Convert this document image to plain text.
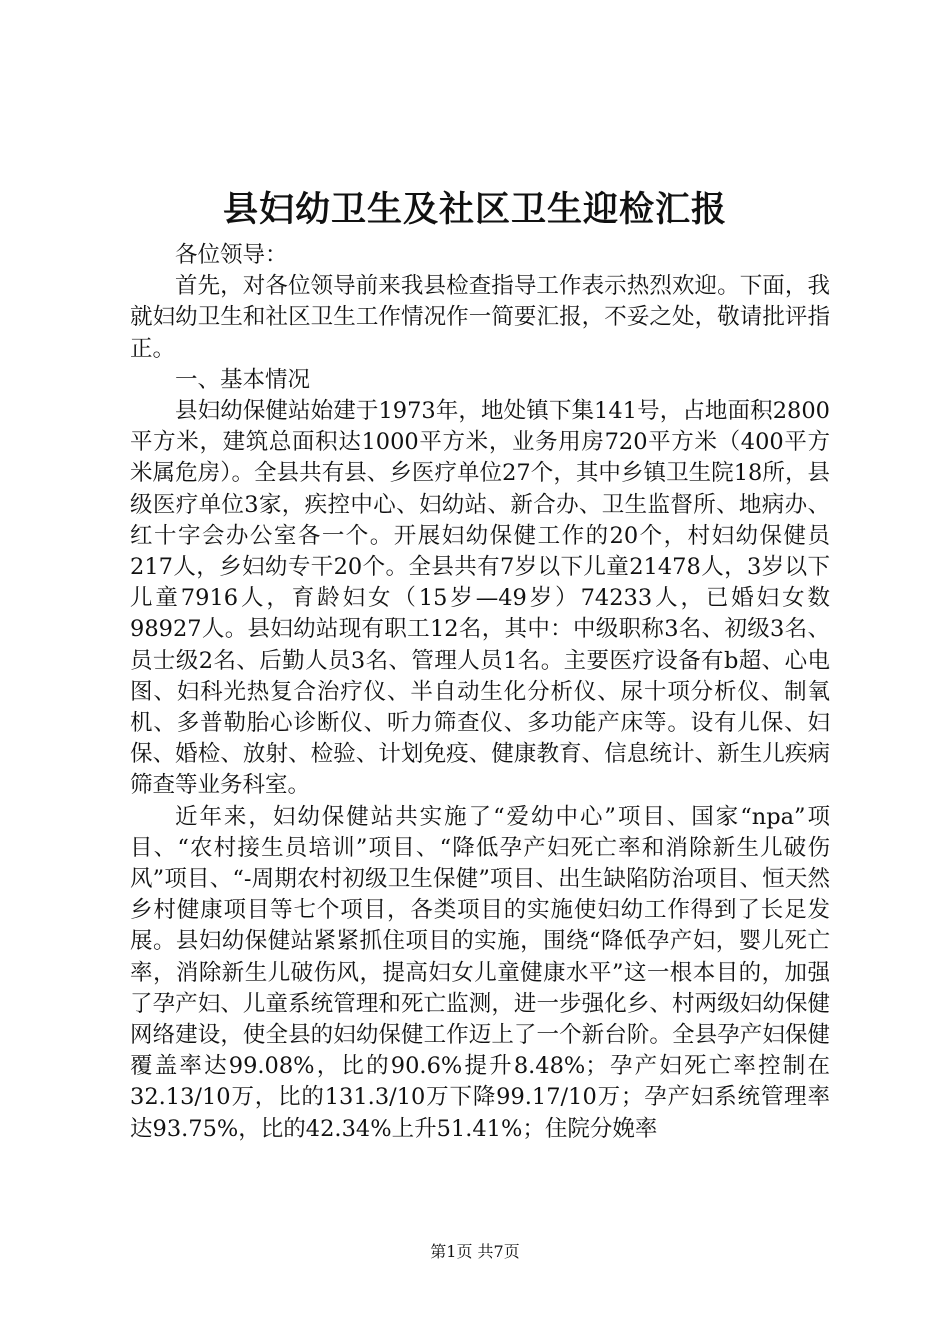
县妇幼卫生及社区卫生迎检汇报

各位领导：

首先，对各位领导前来我县检查指导工作表示热烈欢迎。下面，我就妇幼卫生和社区卫生工作情况作一简要汇报，不妥之处，敬请批评指正。

一、基本情况

县妇幼保健站始建于1973年，地处镇下集141号，占地面积2800平方米，建筑总面积达1000平方米，业务用房720平方米（400平方米属危房）。全县共有县、乡医疗单位27个，其中乡镇卫生院18所，县级医疗单位3家，疾控中心、妇幼站、新合办、卫生监督所、地病办、红十字会办公室各一个。开展妇幼保健工作的20个，村妇幼保健员217人，乡妇幼专干20个。全县共有7岁以下儿童21478人，3岁以下儿童7916人，育龄妇女（15岁—49岁）74233人，已婚妇女数98927人。县妇幼站现有职工12名，其中：中级职称3名、初级3名、员士级2名、后勤人员3名、管理人员1名。主要医疗设备有b超、心电图、妇科光热复合治疗仪、半自动生化分析仪、尿十项分析仪、制氧机、多普勒胎心诊断仪、听力筛查仪、多功能产床等。设有儿保、妇保、婚检、放射、检验、计划免疫、健康教育、信息统计、新生儿疾病筛查等业务科室。

近年来，妇幼保健站共实施了“爱幼中心”项目、国家“npa”项目、“农村接生员培训”项目、“降低孕产妇死亡率和消除新生儿破伤风”项目、“-周期农村初级卫生保健”项目、出生缺陷防治项目、恒天然乡村健康项目等七个项目，各类项目的实施使妇幼工作得到了长足发展。县妇幼保健站紧紧抓住项目的实施，围绕“降低孕产妇，婴儿死亡率，消除新生儿破伤风，提高妇女儿童健康水平”这一根本目的，加强了孕产妇、儿童系统管理和死亡监测，进一步强化乡、村两级妇幼保健网络建设，使全县的妇幼保健工作迈上了一个新台阶。全县孕产妇保健覆盖率达99.08%，比的90.6%提升8.48%；孕产妇死亡率控制在32.13/10万，比的131.3/10万下降99.17/10万；孕产妇系统管理率达93.75%，比的42.34%上升51.41%；住院分娩率

第1页 共7页
